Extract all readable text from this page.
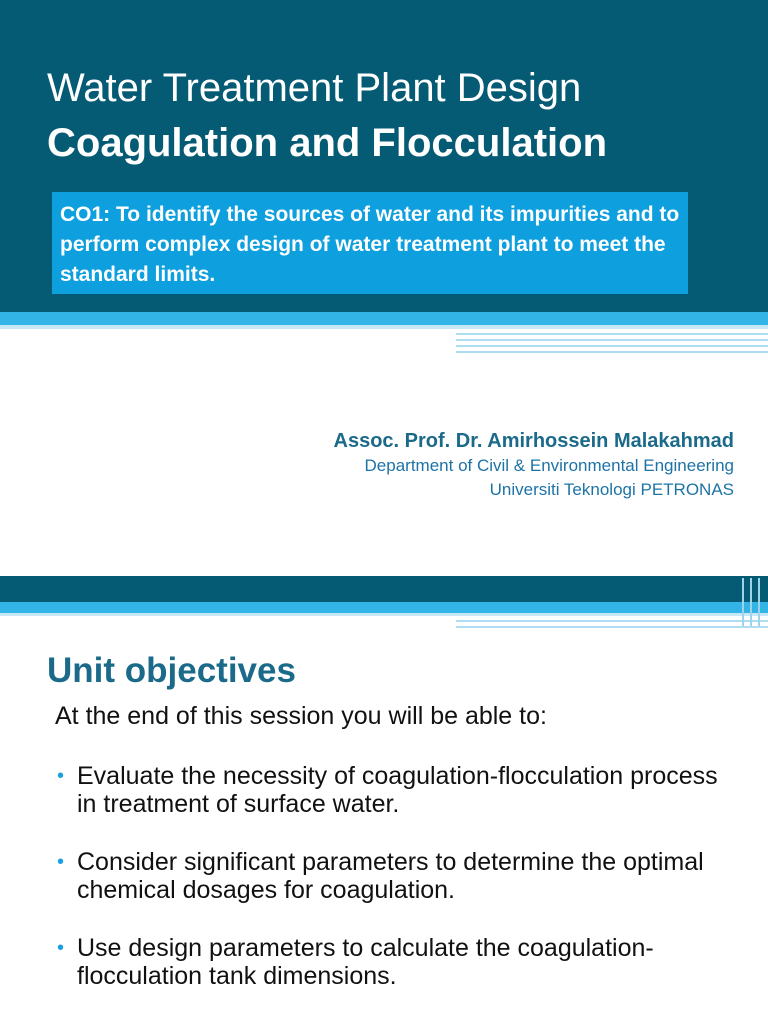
Water Treatment Plant Design
Coagulation and Flocculation
CO1: To identify the sources of water and its impurities and to perform complex design of water treatment plant to meet the standard limits.

Assoc. Prof. Dr. Amirhossein Malakahmad

Department of Civil & Environmental Engineering

Universiti Teknologi PETRONAS

Unit objectives

At the end of this session you will be able to:

• Evaluate the necessity of coagulation-flocculation process in treatment of surface water.
• Consider significant parameters to determine the optimal chemical dosages for coagulation.
• Use design parameters to calculate the coagulation-flocculation tank dimensions.
